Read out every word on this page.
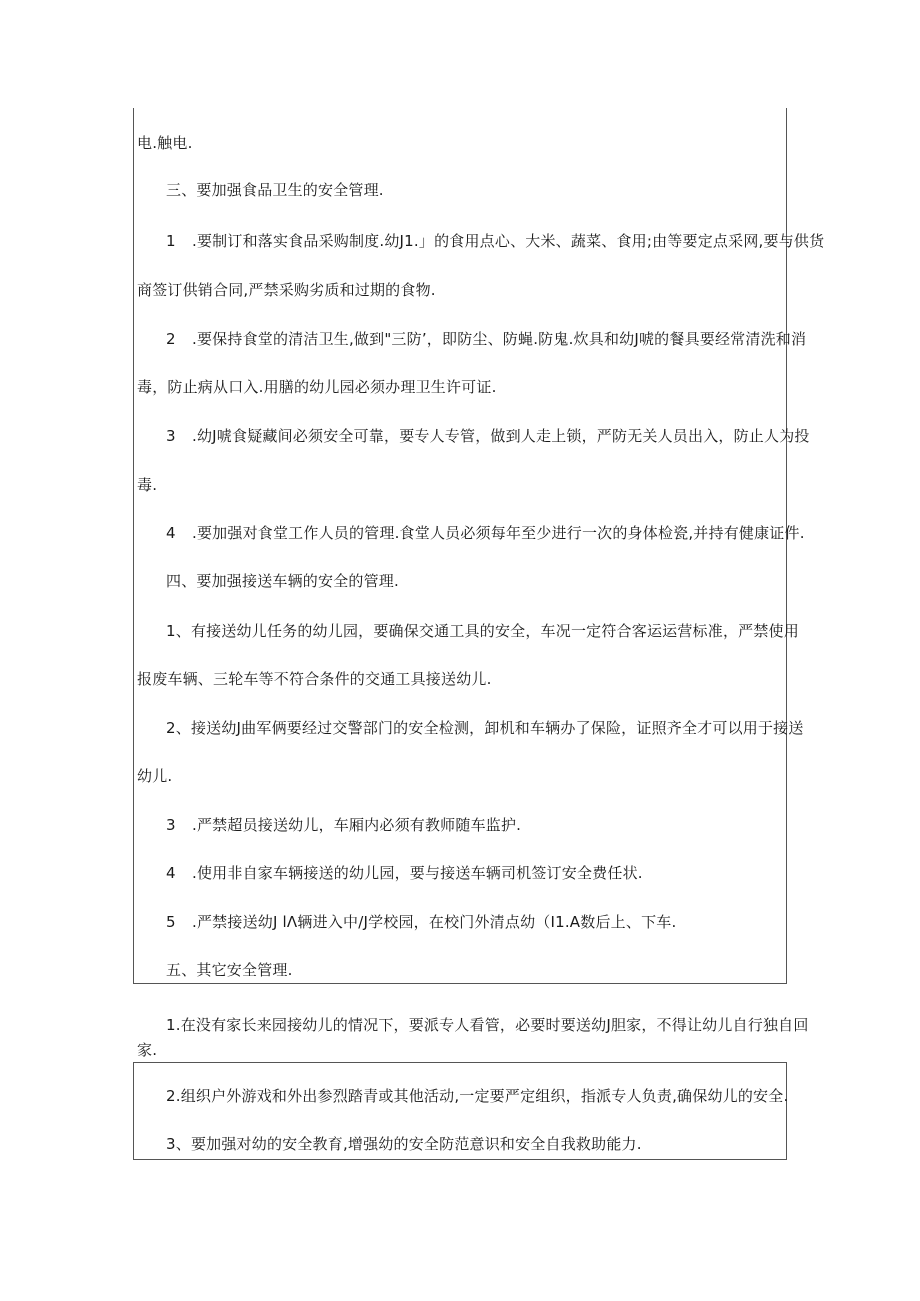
电.触电.
三、要加强食品卫生的安全管理.
1 .要制订和落实食品采购制度.幼J1.」的食用点心、大米、蔬菜、食用;由等要定点采网,要与供货
商签订供销合同,严禁采购劣质和过期的食物.
2 .要保持食堂的清洁卫生,做到"三防’，即防尘、防蝇.防鬼.炊具和幼J唬的餐具要经常清洗和消
毒，防止病从口入.用膳的幼儿园必须办理卫生许可证.
3 .幼J唬食疑藏间必须安全可靠，要专人专管，做到人走上锁，严防无关人员出入，防止人为投
毒.
4 .要加强对食堂工作人员的管理.食堂人员必须每年至少进行一次的身体检瓷,并持有健康证件.
四、要加强接送车辆的安全的管理.
1、有接送幼儿任务的幼儿园，要确保交通工具的安全，车况一定符合客运运营标准，严禁使用
报废车辆、三轮车等不符合条件的交通工具接送幼儿.
2、接送幼J曲军俩要经过交警部门的安全检测，卸机和车辆办了保险，证照齐全才可以用于接送
幼儿.
3 .严禁超员接送幼儿，车厢内必须有教师随车监护.
4 .使用非自家车辆接送的幼儿园，要与接送车辆司机签订安全费任状.
5 .严禁接送幼J lΛ辆进入中/J学校园，在校门外清点幼（I1.A数后上、下车.
五、其它安全管理.
1.在没有家长来园接幼儿的情况下，要派专人看管，必要时要送幼J胆家，不得让幼儿自行独自回
家.
2.组织户外游戏和外出参烈踏青或其他活动,一定要严定组织，指派专人负责,确保幼儿的安全.
3、要加强对幼的安全教育,增强幼的安全防范意识和安全自我救助能力.
